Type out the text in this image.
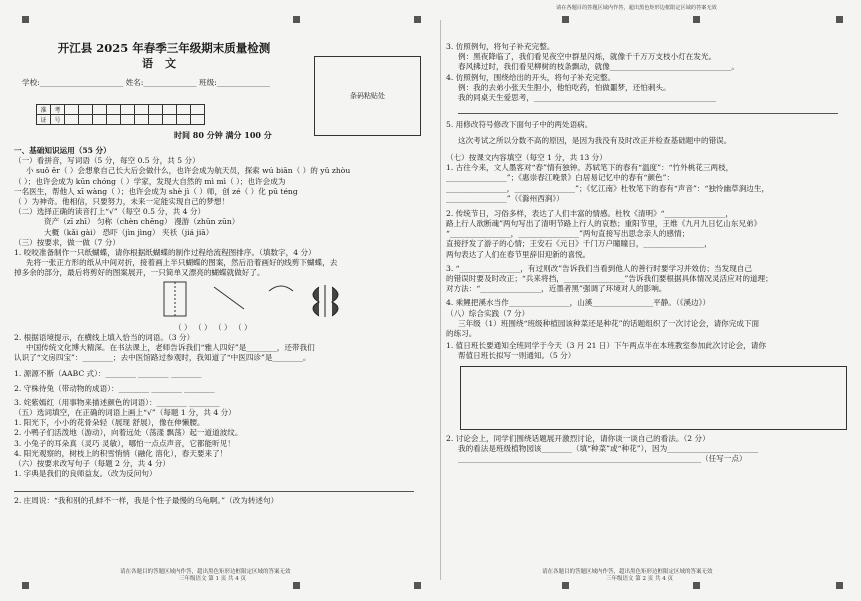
请在各题目的答题区域内作答，超出黑色矩形边框限定区域的答案无效
开江县 2025 年春季三年级期末质量检测
语文
学校:______________________ 姓名:______________ 班级:______________
条码粘贴处
准	考										
证	号										
时间 80 分钟 满分 100 分
一、基础知识运用（55 分）
（一）看拼音，写词语（5 分，每空 0.5 分，共 5 分）
小 suǒ ěr（ ）会想象自己长大后会做什么，也许会成为航天员，探索 wú biān（ ）的 yǔ zhòu
（ ）；也许会成为 kūn chóng（ ）学家，发现大自然的 mì mì（ ）；也许会成为
一名医生，帮他人 xī wàng（ ）；也许会成为 shè jì（ ）师，创 zé（ ）化 pū téng
（ ）为神奇。他相信，只要努力，未来一定能实现自己的梦想！
（二）选择正确的读音打上“√”（每空 0.5 分，共 4 分）
资产（zī zhī） 匀称（chèn chēng） 漫游（zhūn zūn）
大概（kǎi gài） 恐吓（jìn jìng） 夹袄（jiá jiā）
（三）按要求，做一做（7 分）
1. 咬咬准备制作一只纸蝴蝶，请你根据纸蝴蝶的制作过程给流程图排序。（填数字，4 分）
先将一张正方形的纸从中间对折，接着画上半只蝴蝶的图案，然后沿着画好的线剪下蝴蝶，去
掉多余的部分，最后将剪好的图案展开，一只简单又漂亮的蝴蝶就做好了。
（ ） （ ） （ ） （ ）
2. 根据语境提示，在横线上填入恰当的词语。（3 分）
中国传统文化博大精深。在书法课上，老师告诉我们“雅人四好”是________，还带我们
认识了“文房四宝”：________；去中医馆路过参观时，我知道了“中医四诊”是________。
1. 源源不断（AABC 式）：________ ________ ________
2. 守株待兔（带动物的成语）：________ ________ ________
3. 姹紫嫣红（用事物来描述颜色的词语）：________ ________
（五）选词填空，在正确的词语上画上“√”（每题 1 分，共 4 分）
1. 阳光下，小小的花骨朵轻（展现 舒展），像在伸懒腰。
2. 小鸭子们活泼地（游动），向着远处（荡漾 飘荡）起一道道波纹。
3. 小兔子的耳朵真（灵巧 灵敏），哪怕一点点声音，它都能听见！
4. 阳光观察的，树枝上的积雪悄悄（融化 溶化），春天要来了！
（六）按要求改写句子（每题 2 分，共 4 分）
1. 字典是我们的良师益友。（改为反问句）
2. 庄周说：“我和别的孔蚌不一样，我是个性子最慢的乌龟啊。”（改为转述句）
请在各题目的答题区域内作答，超出黑色矩形边框限定区域的答案无效
三年级语文 第 1 页 共 4 页
3. 仿照例句，将句子补充完整。
例：黑夜降临了，我们看见夜空中群星闪烁，就像千千万万支枝小灯在发光。
春风拂过时，我们看见柳树的枝条飘动，就像________________________________。
4. 仿照例句，围绕给出的开头，将句子补充完整。
例：我的去弟小张天生胆小，他怕吃药，怕做噩梦，还怕刺头。
我的同桌天生爱思考，________________________________________________
5. 用修改符号修改下面句子中的两处语病。
这次考试之所以分数不高的原因，是因为我没有及时改正并检查基础题中的错误。
（七）按课文内容填空（每空 1 分，共 13 分）
1. 古往今来，文人墨客对“春”情有独钟。苏轼笔下的春有“温度”：“竹外桃花三两枝，
________________”；《惠崇春江晚景》白居易记忆中的春有“颜色”：
________________，________________”；《忆江南》杜牧笔下的春有“声音”：“独怜幽草涧边生，________________”（《滁州西涧》）
2. 传统节日，习俗多样，表达了人们丰富的情感。杜牧《清明》“________________，
路上行人欲断魂”两句写出了清明节路上行人的哀愁；重阳节里，王维《九月九日忆山东兄弟》
“________________，________________”两句直接写出思念亲人的感情；
直接抒发了游子的心情；王安石《元日》千门万户瞳瞳日，________________，
两句表达了人们在春节里辞旧迎新的喜悦。
3. “________________，有过则改”告诉我们当看到他人的善行时要学习并效仿；当发现自己
的错误时要及时改正；“兵来将挡，________________”告诉我们要根据具体情况灵活应对的道理；
对方法：“________________，近墨者黑”强调了环境对人的影响。
4. 乘鲤把溪水当作________________，山溪________________平静。（《溪边》）
（八）综合实践（7 分）
三年级（1）班围绕“班级种植园该种菜还是种花”的话题组织了一次讨论会，请你完成下面
的练习。
1. 值日班长要通知全班同学于今天（3 月 21 日）下午两点半在本班教室参加此次讨论会，请你
帮值日班长拟写一则通知。（5 分）
2. 讨论会上，同学们围绕话题展开激烈讨论，请你谈一谈自己的看法。（2 分）
我的看法是班级植物园该________（填“种菜”或“种花”），因为________________________
________________________________________________________________（任写一点）
请在各题目的答题区域内作答，超出黑色矩形边框限定区域的答案无效
三年级语文 第 2 页 共 4 页
